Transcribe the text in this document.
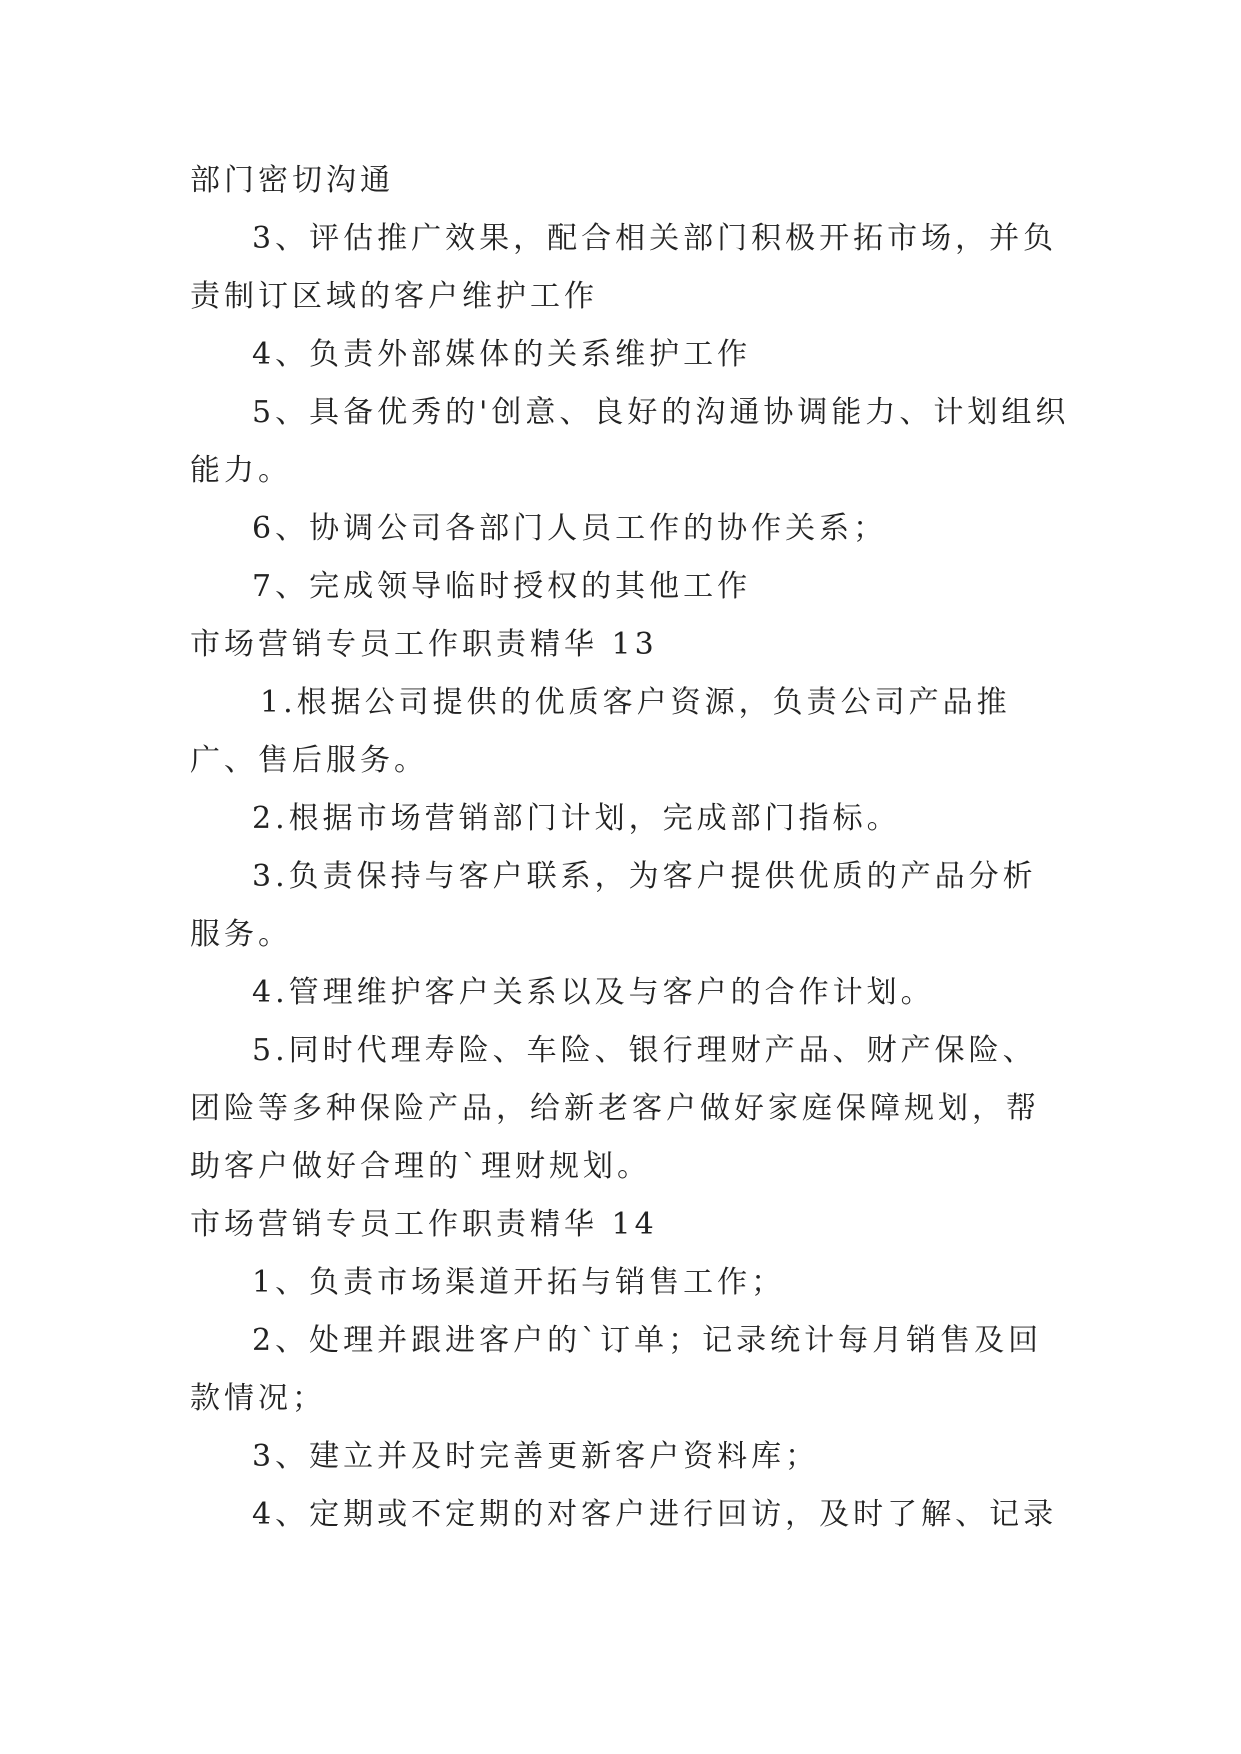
部门密切沟通

3、评估推广效果，配合相关部门积极开拓市场，并负责制订区域的客户维护工作

4、负责外部媒体的关系维护工作

5、具备优秀的'创意、良好的沟通协调能力、计划组织能力。

6、协调公司各部门人员工作的协作关系；

7、完成领导临时授权的其他工作

市场营销专员工作职责精华 13

1.根据公司提供的优质客户资源，负责公司产品推广、售后服务。

2.根据市场营销部门计划，完成部门指标。

3.负责保持与客户联系，为客户提供优质的产品分析服务。

4.管理维护客户关系以及与客户的合作计划。

5.同时代理寿险、车险、银行理财产品、财产保险、团险等多种保险产品，给新老客户做好家庭保障规划，帮助客户做好合理的`理财规划。

市场营销专员工作职责精华 14

1、负责市场渠道开拓与销售工作；

2、处理并跟进客户的`订单；记录统计每月销售及回款情况；

3、建立并及时完善更新客户资料库；

4、定期或不定期的对客户进行回访，及时了解、记录
